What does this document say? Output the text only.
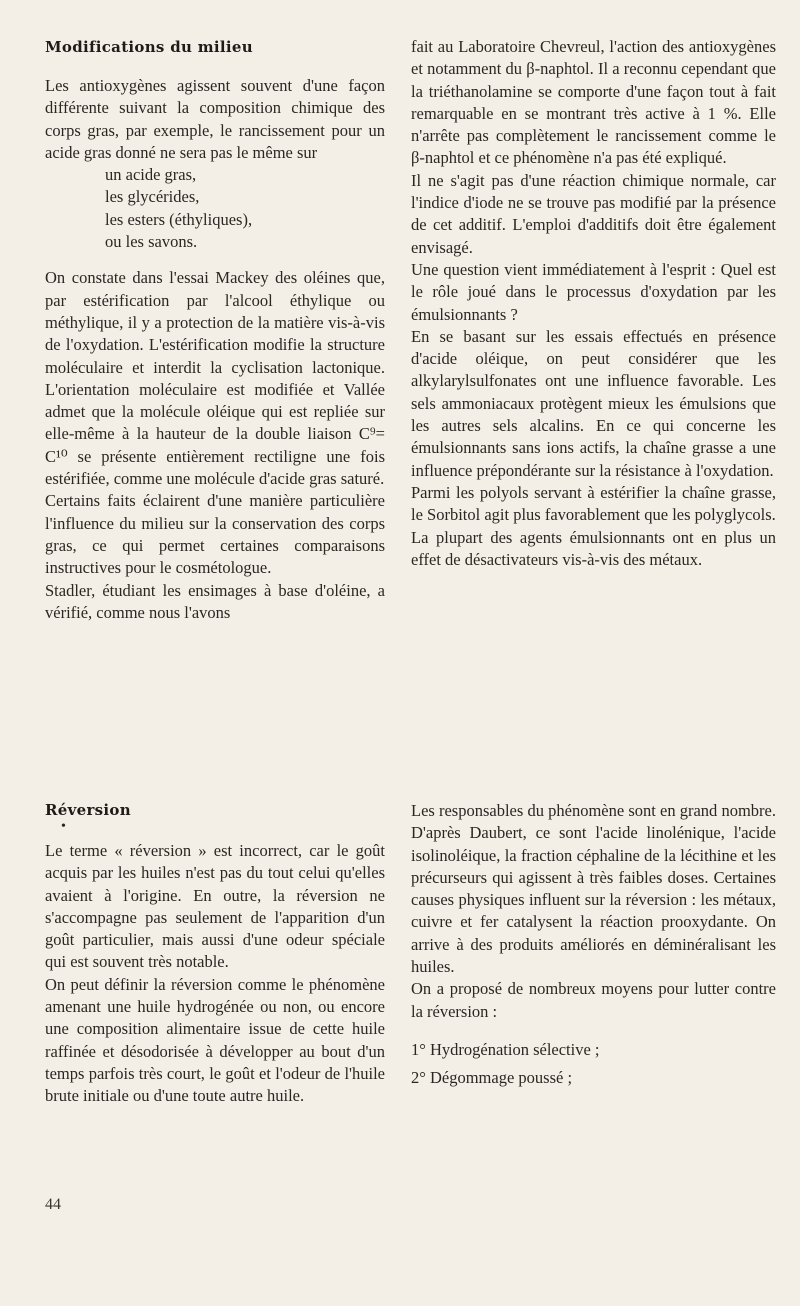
Modifications du milieu

Les antioxygènes agissent souvent d'une façon différente suivant la composition chimique des corps gras, par exemple, le rancissement pour un acide gras donné ne sera pas le même sur

un acide gras,

les glycérides,

les esters (éthyliques),

ou les savons.

On constate dans l'essai Mackey des oléines que, par estérification par l'alcool éthylique ou méthylique, il y a protection de la matière vis-à-vis de l'oxydation. L'estérification modifie la structure moléculaire et interdit la cyclisation lactonique. L'orientation moléculaire est modifiée et Vallée admet que la molécule oléique qui est repliée sur elle-même à la hauteur de la double liaison C⁹= C¹⁰ se présente entièrement rectiligne une fois estérifiée, comme une molécule d'acide gras saturé.

Certains faits éclairent d'une manière particulière l'influence du milieu sur la conservation des corps gras, ce qui permet certaines comparaisons instructives pour le cosmétologue.

Stadler, étudiant les ensimages à base d'oléine, a vérifié, comme nous l'avons

fait au Laboratoire Chevreul, l'action des antioxygènes et notamment du β-naphtol. Il a reconnu cependant que la triéthanolamine se comporte d'une façon tout à fait remarquable en se montrant très active à 1 %. Elle n'arrête pas complètement le rancissement comme le β-naphtol et ce phénomène n'a pas été expliqué.

Il ne s'agit pas d'une réaction chimique normale, car l'indice d'iode ne se trouve pas modifié par la présence de cet additif. L'emploi d'additifs doit être également envisagé.

Une question vient immédiatement à l'esprit : Quel est le rôle joué dans le processus d'oxydation par les émulsionnants ?

En se basant sur les essais effectués en présence d'acide oléique, on peut considérer que les alkylarylsulfonates ont une influence favorable. Les sels ammoniacaux protègent mieux les émulsions que les autres sels alcalins. En ce qui concerne les émulsionnants sans ions actifs, la chaîne grasse a une influence prépondérante sur la résistance à l'oxydation.

Parmi les polyols servant à estérifier la chaîne grasse, le Sorbitol agit plus favorablement que les polyglycols.

La plupart des agents émulsionnants ont en plus un effet de désactivateurs vis-à-vis des métaux.

Réversion
•

Le terme « réversion » est incorrect, car le goût acquis par les huiles n'est pas du tout celui qu'elles avaient à l'origine. En outre, la réversion ne s'accompagne pas seulement de l'apparition d'un goût particulier, mais aussi d'une odeur spéciale qui est souvent très notable.

On peut définir la réversion comme le phénomène amenant une huile hydrogénée ou non, ou encore une composition alimentaire issue de cette huile raffinée et désodorisée à développer au bout d'un temps parfois très court, le goût et l'odeur de l'huile brute initiale ou d'une toute autre huile.

Les responsables du phénomène sont en grand nombre. D'après Daubert, ce sont l'acide linolénique, l'acide isolinoléique, la fraction céphaline de la lécithine et les précurseurs qui agissent à très faibles doses. Certaines causes physiques influent sur la réversion : les métaux, cuivre et fer catalysent la réaction prooxydante. On arrive à des produits améliorés en déminéralisant les huiles.

On a proposé de nombreux moyens pour lutter contre la réversion :

1° Hydrogénation sélective ;

2° Dégommage poussé ;

44
